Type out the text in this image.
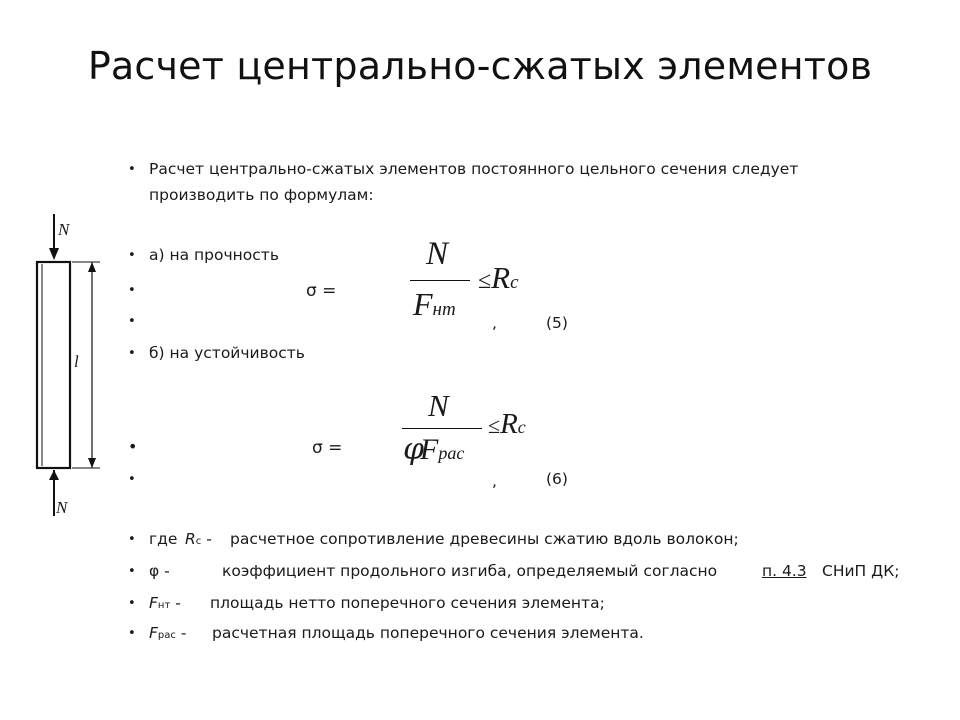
Расчет центрально-сжатых элементов
N
l
N
• Расчет центрально-сжатых элементов постоянного цельного сечения следует
производить по формулам:
• а) на прочность
•
•
σ =
N
Fнт
≤Rc
,	(5)
• б) на устойчивость
•	σ =
N
φFрас
≤Rc
•	,	(6)
• где Rс - расчетное сопротивление древесины сжатию вдоль волокон;
• φ -	коэффициент продольного изгиба, определяемый согласно	п. 4.3 СНиП ДК;
• Fнт - площадь нетто поперечного сечения элемента;
• Fрас - расчетная площадь поперечного сечения элемента.
